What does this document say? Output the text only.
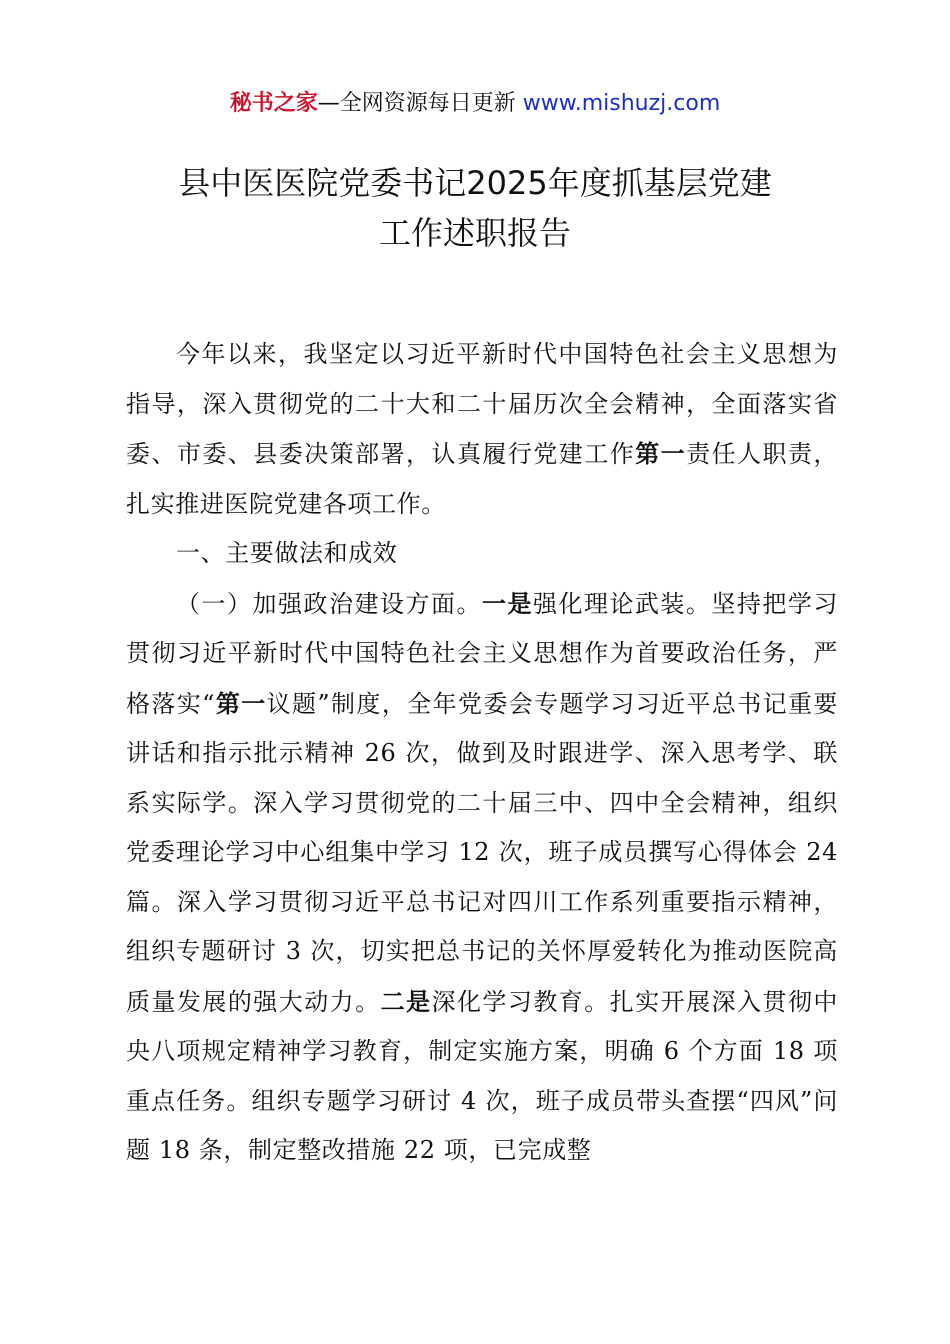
秘书之家—全网资源每日更新 www.mishuzj.com
县中医医院党委书记2025年度抓基层党建
工作述职报告

今年以来，我坚定以习近平新时代中国特色社会主义思想为指导，深入贯彻党的二十大和二十届历次全会精神，全面落实省委、市委、县委决策部署，认真履行党建工作第一责任人职责，扎实推进医院党建各项工作。

一、主要做法和成效

（一）加强政治建设方面。一是强化理论武装。坚持把学习贯彻习近平新时代中国特色社会主义思想作为首要政治任务，严格落实“第一议题”制度，全年党委会专题学习习近平总书记重要讲话和指示批示精神 26 次，做到及时跟进学、深入思考学、联系实际学。深入学习贯彻党的二十届三中、四中全会精神，组织党委理论学习中心组集中学习 12 次，班子成员撰写心得体会 24 篇。深入学习贯彻习近平总书记对四川工作系列重要指示精神，组织专题研讨 3 次，切实把总书记的关怀厚爱转化为推动医院高质量发展的强大动力。二是深化学习教育。扎实开展深入贯彻中央八项规定精神学习教育，制定实施方案，明确 6 个方面 18 项重点任务。组织专题学习研讨 4 次，班子成员带头查摆“四风”问题 18 条，制定整改措施 22 项，已完成整
